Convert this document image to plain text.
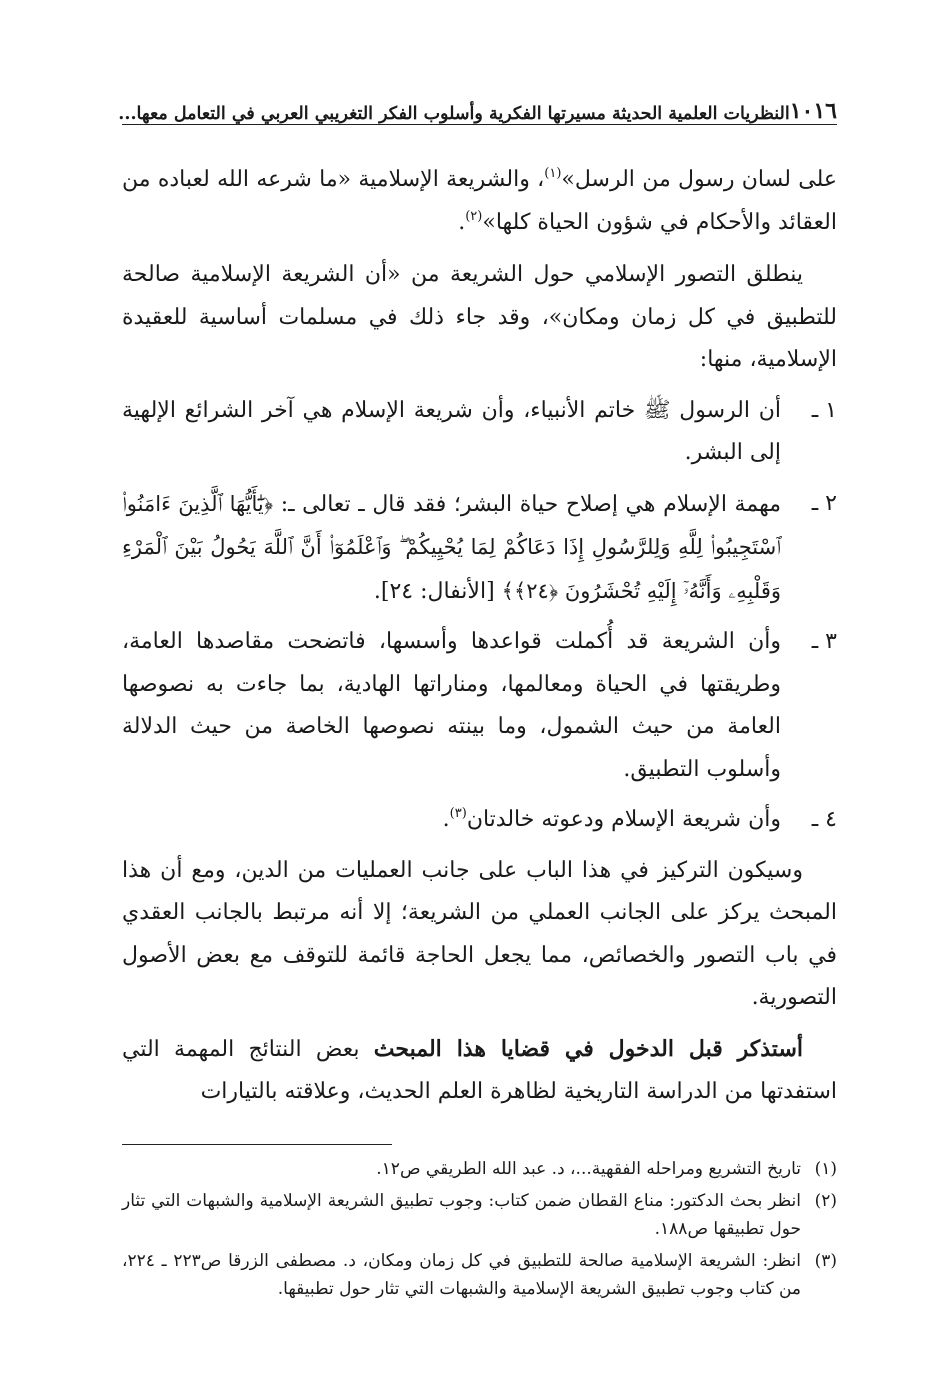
١٠١٦
النظريات العلمية الحديثة مسيرتها الفكرية وأسلوب الفكر التغريبي العربي في التعامل معها...

على لسان رسول من الرسل»$^{(١)}$، والشريعة الإسلامية «ما شرعه الله لعباده من العقائد والأحكام في شؤون الحياة كلها»$^{(٢)}$.

ينطلق التصور الإسلامي حول الشريعة من «أن الشريعة الإسلامية صالحة للتطبيق في كل زمان ومكان»، وقد جاء ذلك في مسلمات أساسية للعقيدة الإسلامية، منها:

١ ـ
أن الرسول ﷺ خاتم الأنبياء، وأن شريعة الإسلام هي آخر الشرائع الإلهية إلى البشر.
٢ ـ
مهمة الإسلام هي إصلاح حياة البشر؛ فقد قال ـ تعالى ـ: ﴿يَٰٓأَيُّهَا ٱلَّذِينَ ءَامَنُوا۟ ٱسْتَجِيبُوا۟ لِلَّهِ وَلِلرَّسُولِ إِذَا دَعَاكُمْ لِمَا يُحْيِيكُمْ ۖ وَٱعْلَمُوٓا۟ أَنَّ ٱللَّهَ يَحُولُ بَيْنَ ٱلْمَرْءِ وَقَلْبِهِۦ وَأَنَّهُۥٓ إِلَيْهِ تُحْشَرُونَ ﴿٢٤﴾﴾ [الأنفال: ٢٤].
٣ ـ
وأن الشريعة قد أُكملت قواعدها وأسسها، فاتضحت مقاصدها العامة، وطريقتها في الحياة ومعالمها، ومناراتها الهادية، بما جاءت به نصوصها العامة من حيث الشمول، وما بينته نصوصها الخاصة من حيث الدلالة وأسلوب التطبيق.
٤ ـ
وأن شريعة الإسلام ودعوته خالدتان$^{(٣)}$.

وسيكون التركيز في هذا الباب على جانب العمليات من الدين، ومع أن هذا المبحث يركز على الجانب العملي من الشريعة؛ إلا أنه مرتبط بالجانب العقدي في باب التصور والخصائص، مما يجعل الحاجة قائمة للتوقف مع بعض الأصول التصورية.

أستذكر قبل الدخول في قضايا هذا المبحث بعض النتائج المهمة التي استفدتها من الدراسة التاريخية لظاهرة العلم الحديث، وعلاقته بالتيارات

(١)
تاريخ التشريع ومراحله الفقهية...، د. عبد الله الطريقي ص١٢.
(٢)
انظر بحث الدكتور: مناع القطان ضمن كتاب: وجوب تطبيق الشريعة الإسلامية والشبهات التي تثار حول تطبيقها ص١٨٨.
(٣)
انظر: الشريعة الإسلامية صالحة للتطبيق في كل زمان ومكان، د. مصطفى الزرقا ص٢٢٣ ـ ٢٢٤، من كتاب وجوب تطبيق الشريعة الإسلامية والشبهات التي تثار حول تطبيقها.
